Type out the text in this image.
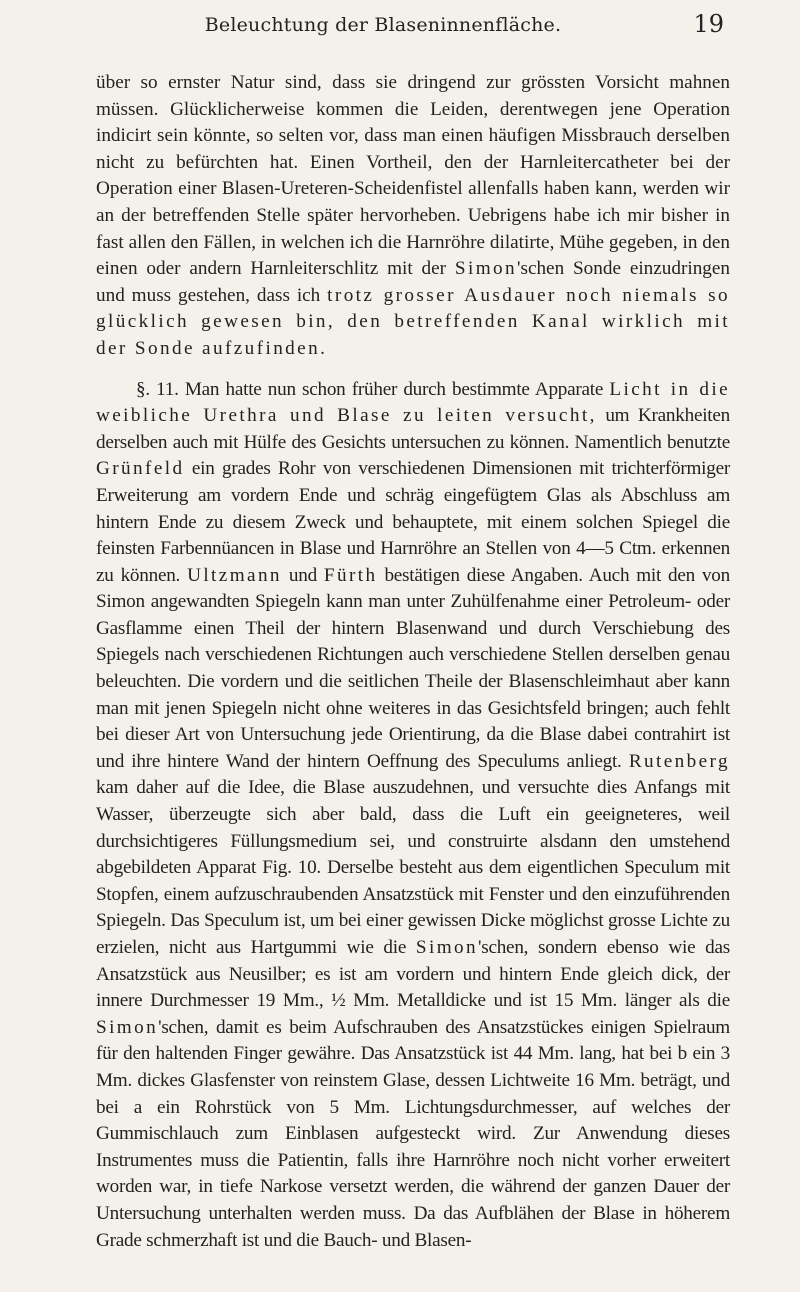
Beleuchtung der Blaseninnenfläche.	19

über so ernster Natur sind, dass sie dringend zur grössten Vorsicht mahnen müssen. Glücklicherweise kommen die Leiden, derentwegen jene Operation indicirt sein könnte, so selten vor, dass man einen häufigen Missbrauch derselben nicht zu befürchten hat. Einen Vortheil, den der Harnleitercatheter bei der Operation einer Blasen-Ureteren-Scheidenfistel allenfalls haben kann, werden wir an der betreffenden Stelle später hervorheben. Uebrigens habe ich mir bisher in fast allen den Fällen, in welchen ich die Harnröhre dilatirte, Mühe gegeben, in den einen oder andern Harnleiterschlitz mit der Simon'schen Sonde einzudringen und muss gestehen, dass ich trotz grosser Ausdauer noch niemals so glücklich gewesen bin, den betreffenden Kanal wirklich mit der Sonde aufzufinden.

§. 11. Man hatte nun schon früher durch bestimmte Apparate Licht in die weibliche Urethra und Blase zu leiten versucht, um Krankheiten derselben auch mit Hülfe des Gesichts untersuchen zu können. Namentlich benutzte Grünfeld ein grades Rohr von verschiedenen Dimensionen mit trichterförmiger Erweiterung am vordern Ende und schräg eingefügtem Glas als Abschluss am hintern Ende zu diesem Zweck und behauptete, mit einem solchen Spiegel die feinsten Farbennüancen in Blase und Harnröhre an Stellen von 4—5 Ctm. erkennen zu können. Ultzmann und Fürth bestätigen diese Angaben. Auch mit den von Simon angewandten Spiegeln kann man unter Zuhülfenahme einer Petroleum- oder Gasflamme einen Theil der hintern Blasenwand und durch Verschiebung des Spiegels nach verschiedenen Richtungen auch verschiedene Stellen derselben genau beleuchten. Die vordern und die seitlichen Theile der Blasenschleimhaut aber kann man mit jenen Spiegeln nicht ohne weiteres in das Gesichtsfeld bringen; auch fehlt bei dieser Art von Untersuchung jede Orientirung, da die Blase dabei contrahirt ist und ihre hintere Wand der hintern Oeffnung des Speculums anliegt. Rutenberg kam daher auf die Idee, die Blase auszudehnen, und versuchte dies Anfangs mit Wasser, überzeugte sich aber bald, dass die Luft ein geeigneteres, weil durchsichtigeres Füllungsmedium sei, und construirte alsdann den umstehend abgebildeten Apparat Fig. 10. Derselbe besteht aus dem eigentlichen Speculum mit Stopfen, einem aufzuschraubenden Ansatzstück mit Fenster und den einzuführenden Spiegeln. Das Speculum ist, um bei einer gewissen Dicke möglichst grosse Lichte zu erzielen, nicht aus Hartgummi wie die Simon'schen, sondern ebenso wie das Ansatzstück aus Neusilber; es ist am vordern und hintern Ende gleich dick, der innere Durchmesser 19 Mm., ½ Mm. Metalldicke und ist 15 Mm. länger als die Simon'schen, damit es beim Aufschrauben des Ansatzstückes einigen Spielraum für den haltenden Finger gewähre. Das Ansatzstück ist 44 Mm. lang, hat bei b ein 3 Mm. dickes Glasfenster von reinstem Glase, dessen Lichtweite 16 Mm. beträgt, und bei a ein Rohrstück von 5 Mm. Lichtungsdurchmesser, auf welches der Gummischlauch zum Einblasen aufgesteckt wird. Zur Anwendung dieses Instrumentes muss die Patientin, falls ihre Harnröhre noch nicht vorher erweitert worden war, in tiefe Narkose versetzt werden, die während der ganzen Dauer der Untersuchung unterhalten werden muss. Da das Aufblähen der Blase in höherem Grade schmerzhaft ist und die Bauch- und Blasen-
